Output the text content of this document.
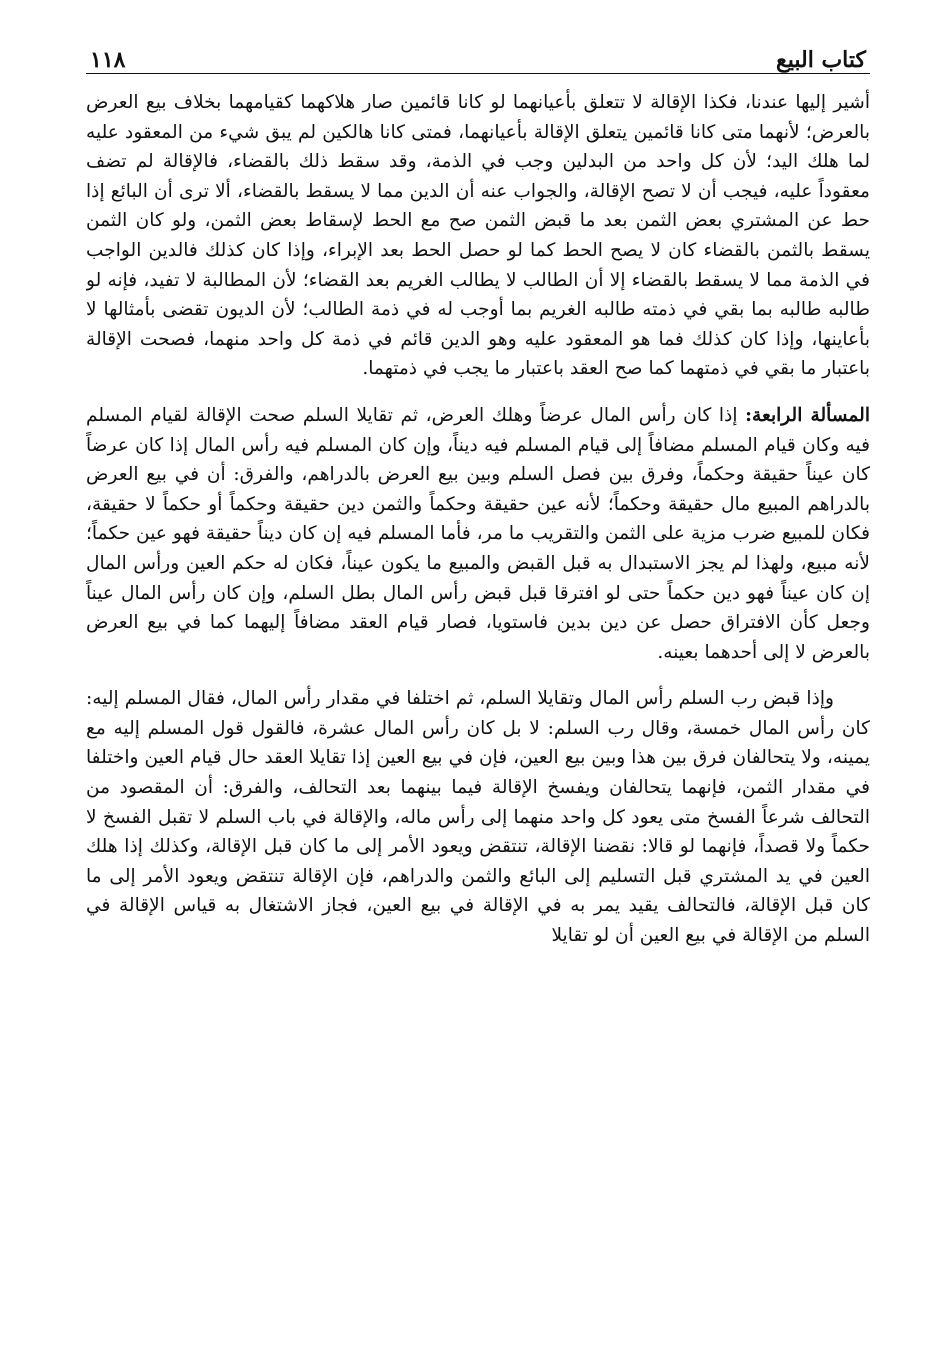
كتاب البيع
١١٨

أشير إليها عندنا، فكذا الإقالة لا تتعلق بأعيانهما لو كانا قائمين صار هلاكهما كقيامهما بخلاف بيع العرض بالعرض؛ لأنهما متى كانا قائمين يتعلق الإقالة بأعيانهما، فمتى كانا هالكين لم يبق شيء من المعقود عليه لما هلك اليد؛ لأن كل واحد من البدلين وجب في الذمة، وقد سقط ذلك بالقضاء، فالإقالة لم تضف معقوداً عليه، فيجب أن لا تصح الإقالة، والجواب عنه أن الدين مما لا يسقط بالقضاء، ألا ترى أن البائع إذا حط عن المشتري بعض الثمن بعد ما قبض الثمن صح مع الحط لإسقاط بعض الثمن، ولو كان الثمن يسقط بالثمن بالقضاء كان لا يصح الحط كما لو حصل الحط بعد الإبراء، وإذا كان كذلك فالدين الواجب في الذمة مما لا يسقط بالقضاء إلا أن الطالب لا يطالب الغريم بعد القضاء؛ لأن المطالبة لا تفيد، فإنه لو طالبه طالبه بما بقي في ذمته طالبه الغريم بما أوجب له في ذمة الطالب؛ لأن الديون تقضى بأمثالها لا بأعاينها، وإذا كان كذلك فما هو المعقود عليه وهو الدين قائم في ذمة كل واحد منهما، فصحت الإقالة باعتبار ما بقي في ذمتهما كما صح العقد باعتبار ما يجب في ذمتهما.

المسألة الرابعة: إذا كان رأس المال عرضاً وهلك العرض، ثم تقايلا السلم صحت الإقالة لقيام المسلم فيه وكان قيام المسلم مضافاً إلى قيام المسلم فيه ديناً، وإن كان المسلم فيه رأس المال إذا كان عرضاً كان عيناً حقيقة وحكماً، وفرق بين فصل السلم وبين بيع العرض بالدراهم، والفرق: أن في بيع العرض بالدراهم المبيع مال حقيقة وحكماً؛ لأنه عين حقيقة وحكماً والثمن دين حقيقة وحكماً أو حكماً لا حقيقة، فكان للمبيع ضرب مزية على الثمن والتقريب ما مر، فأما المسلم فيه إن كان ديناً حقيقة فهو عين حكماً؛ لأنه مبيع، ولهذا لم يجز الاستبدال به قبل القبض والمبيع ما يكون عيناً، فكان له حكم العين ورأس المال إن كان عيناً فهو دين حكماً حتى لو افترقا قبل قبض رأس المال بطل السلم، وإن كان رأس المال عيناً وجعل كأن الافتراق حصل عن دين بدين فاستويا، فصار قيام العقد مضافاً إليهما كما في بيع العرض بالعرض لا إلى أحدهما بعينه.

وإذا قبض رب السلم رأس المال وتقايلا السلم، ثم اختلفا في مقدار رأس المال، فقال المسلم إليه: كان رأس المال خمسة، وقال رب السلم: لا بل كان رأس المال عشرة، فالقول قول المسلم إليه مع يمينه، ولا يتحالفان فرق بين هذا وبين بيع العين، فإن في بيع العين إذا تقايلا العقد حال قيام العين واختلفا في مقدار الثمن، فإنهما يتحالفان ويفسخ الإقالة فيما بينهما بعد التحالف، والفرق: أن المقصود من التحالف شرعاً الفسخ متى يعود كل واحد منهما إلى رأس ماله، والإقالة في باب السلم لا تقبل الفسخ لا حكماً ولا قصداً، فإنهما لو قالا: نقضنا الإقالة، تنتقض ويعود الأمر إلى ما كان قبل الإقالة، وكذلك إذا هلك العين في يد المشتري قبل التسليم إلى البائع والثمن والدراهم، فإن الإقالة تنتقض ويعود الأمر إلى ما كان قبل الإقالة، فالتحالف يقيد يمر به في الإقالة في بيع العين، فجاز الاشتغال به قياس الإقالة في السلم من الإقالة في بيع العين أن لو تقايلا
